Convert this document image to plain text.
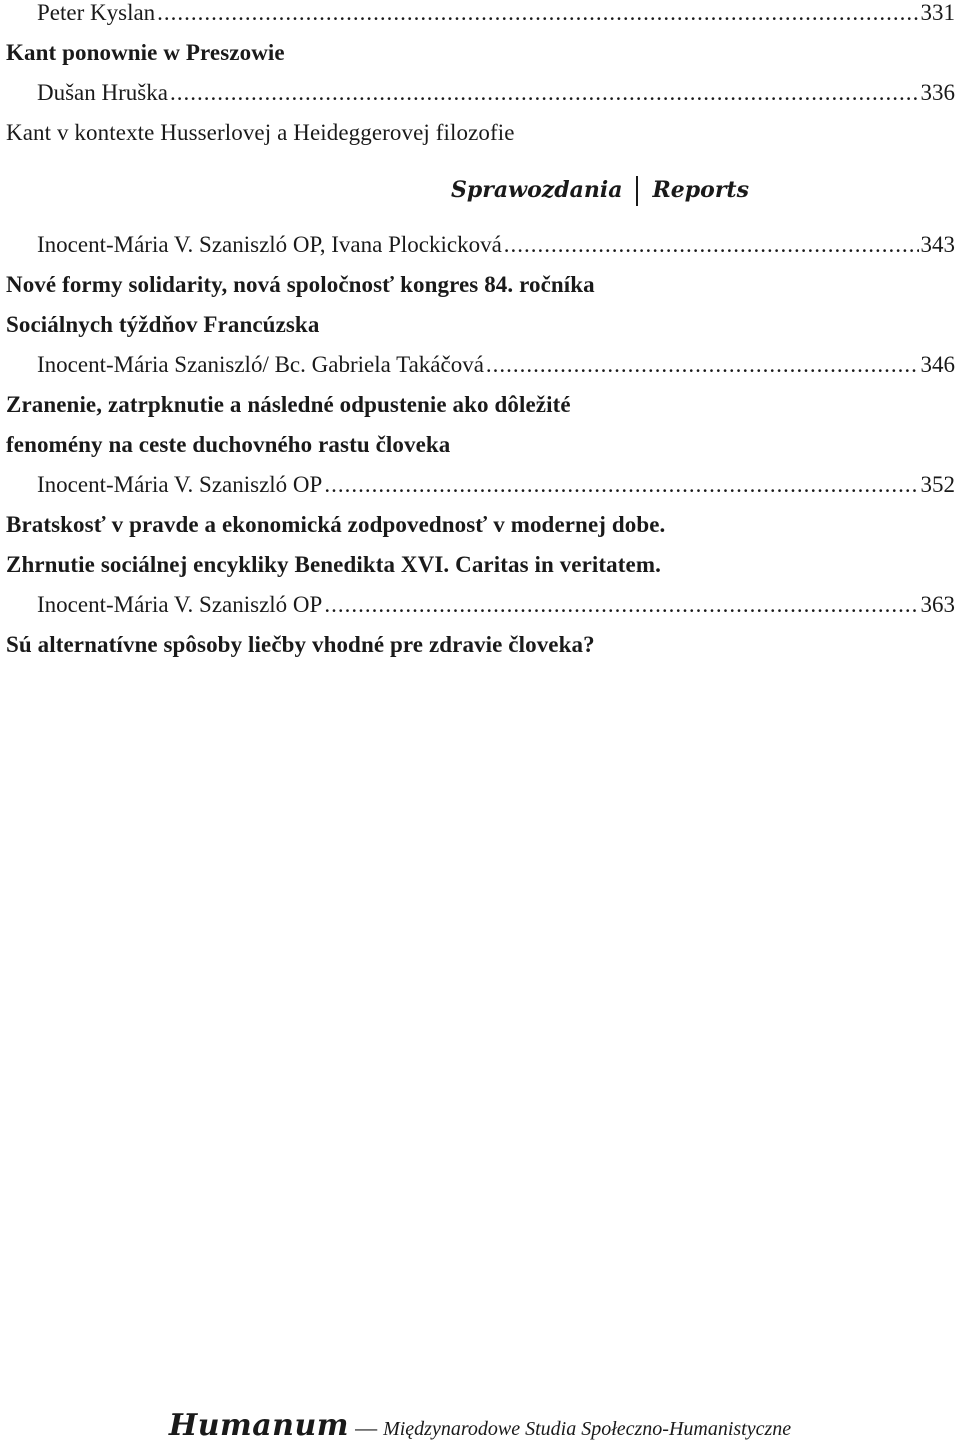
Peter Kyslan .....	331
Kant ponownie w Preszowie
Dušan Hruška .....	336
Kant v kontexte Husserlovej a Heideggerovej filozofie
Sprawozdania Reports
Inocent-Mária V. Szaniszló OP, Ivana Plockicková .....	343
Nové formy solidarity, nová spoločnosť kongres 84. ročníka
Sociálnych týždňov Francúzska
Inocent-Mária Szaniszló/ Bc. Gabriela Takáčová .....	346
Zranenie, zatrpknutie a následné odpustenie ako dôležité
fenomény na ceste duchovného rastu človeka
Inocent-Mária V. Szaniszló OP .....	352
Bratskosť v pravde a ekonomická zodpovednosť v modernej dobe.
Zhrnutie sociálnej encykliky Benedikta XVI. Caritas in veritatem.
Inocent-Mária V. Szaniszló OP .....	363
Sú alternatívne spôsoby liečby vhodné pre zdravie človeka?
Humanum — Międzynarodowe Studia Społeczno-Humanistyczne
